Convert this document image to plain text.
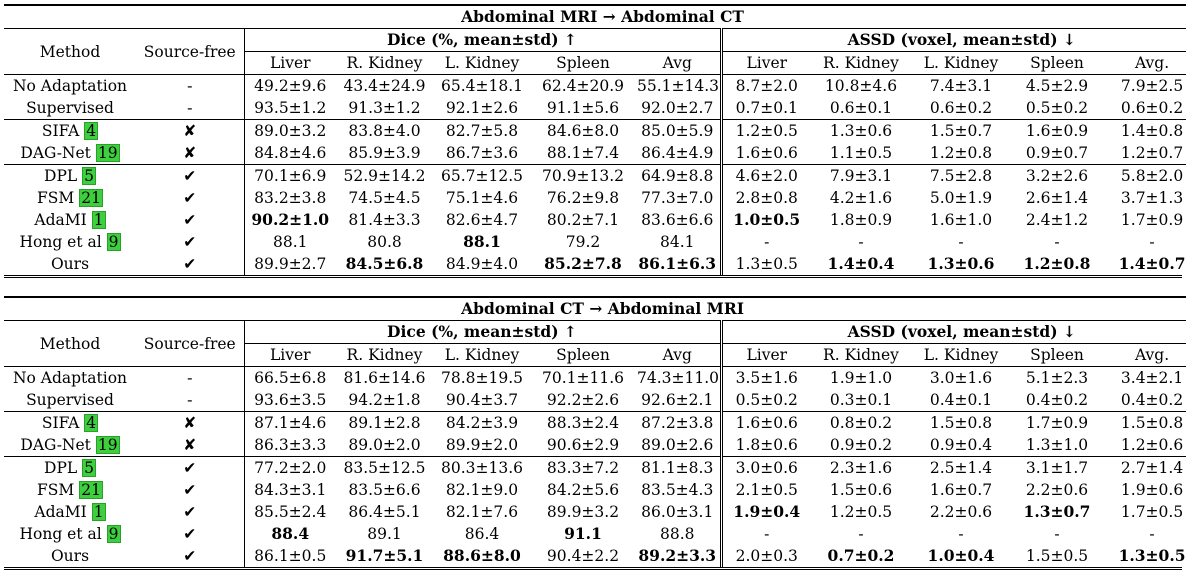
Abdominal MRI → Abdominal CT											
Method	Source-free	Dice (%, mean±std) ↑					ASSD (voxel, mean±std) ↓				
		Liver	R. Kidney	L. Kidney	Spleen	Avg	Liver	R. Kidney	L. Kidney	Spleen	Avg.
No Adaptation	-	49.2±9.6	43.4±24.9	65.4±18.1	62.4±20.9	55.1±14.3	8.7±2.0	10.8±4.6	7.4±3.1	4.5±2.9	7.9±2.5
Supervised	-	93.5±1.2	91.3±1.2	92.1±2.6	91.1±5.6	92.0±2.7	0.7±0.1	0.6±0.1	0.6±0.2	0.5±0.2	0.6±0.2
SIFA 4	✘	89.0±3.2	83.8±4.0	82.7±5.8	84.6±8.0	85.0±5.9	1.2±0.5	1.3±0.6	1.5±0.7	1.6±0.9	1.4±0.8
DAG-Net 19	✘	84.8±4.6	85.9±3.9	86.7±3.6	88.1±7.4	86.4±4.9	1.6±0.6	1.1±0.5	1.2±0.8	0.9±0.7	1.2±0.7
DPL 5	✔	70.1±6.9	52.9±14.2	65.7±12.5	70.9±13.2	64.9±8.8	4.6±2.0	7.9±3.1	7.5±2.8	3.2±2.6	5.8±2.0
FSM 21	✔	83.2±3.8	74.5±4.5	75.1±4.6	76.2±9.8	77.3±7.0	2.8±0.8	4.2±1.6	5.0±1.9	2.6±1.4	3.7±1.3
AdaMI 1	✔	90.2±1.0	81.4±3.3	82.6±4.7	80.2±7.1	83.6±6.6	1.0±0.5	1.8±0.9	1.6±1.0	2.4±1.2	1.7±0.9
Hong et al 9	✔	88.1	80.8	88.1	79.2	84.1	-	-	-	-	-
Ours	✔	89.9±2.7	84.5±6.8	84.9±4.0	85.2±7.8	86.1±6.3	1.3±0.5	1.4±0.4	1.3±0.6	1.2±0.8	1.4±0.7
Abdominal CT → Abdominal MRI											
Method	Source-free	Dice (%, mean±std) ↑					ASSD (voxel, mean±std) ↓				
		Liver	R. Kidney	L. Kidney	Spleen	Avg	Liver	R. Kidney	L. Kidney	Spleen	Avg.
No Adaptation	-	66.5±6.8	81.6±14.6	78.8±19.5	70.1±11.6	74.3±11.0	3.5±1.6	1.9±1.0	3.0±1.6	5.1±2.3	3.4±2.1
Supervised	-	93.6±3.5	94.2±1.8	90.4±3.7	92.2±2.6	92.6±2.1	0.5±0.2	0.3±0.1	0.4±0.1	0.4±0.2	0.4±0.2
SIFA 4	✘	87.1±4.6	89.1±2.8	84.2±3.9	88.3±2.4	87.2±3.8	1.6±0.6	0.8±0.2	1.5±0.8	1.7±0.9	1.5±0.8
DAG-Net 19	✘	86.3±3.3	89.0±2.0	89.9±2.0	90.6±2.9	89.0±2.6	1.8±0.6	0.9±0.2	0.9±0.4	1.3±1.0	1.2±0.6
DPL 5	✔	77.2±2.0	83.5±12.5	80.3±13.6	83.3±7.2	81.1±8.3	3.0±0.6	2.3±1.6	2.5±1.4	3.1±1.7	2.7±1.4
FSM 21	✔	84.3±3.1	83.5±6.6	82.1±9.0	84.2±5.6	83.5±4.3	2.1±0.5	1.5±0.6	1.6±0.7	2.2±0.6	1.9±0.6
AdaMI 1	✔	85.5±2.4	86.4±5.1	82.1±7.6	89.9±3.2	86.0±3.1	1.9±0.4	1.2±0.5	2.2±0.6	1.3±0.7	1.7±0.5
Hong et al 9	✔	88.4	89.1	86.4	91.1	88.8	-	-	-	-	-
Ours	✔	86.1±0.5	91.7±5.1	88.6±8.0	90.4±2.2	89.2±3.3	2.0±0.3	0.7±0.2	1.0±0.4	1.5±0.5	1.3±0.5
